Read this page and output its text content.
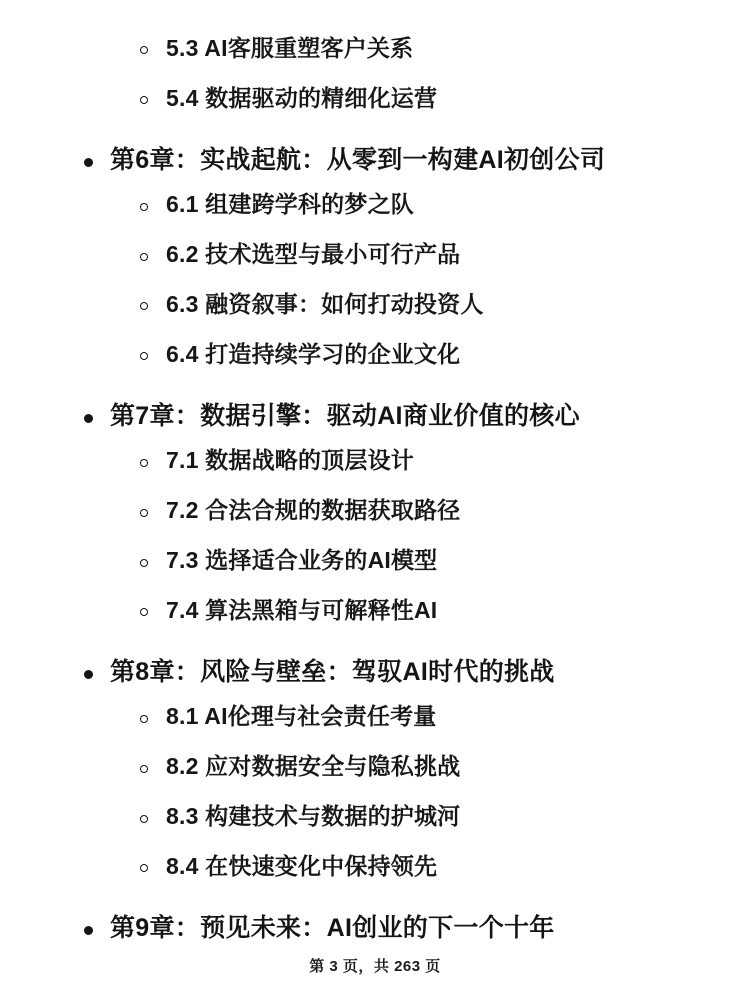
5.3 AI客服重塑客户关系
5.4 数据驱动的精细化运营
第6章：实战起航：从零到一构建AI初创公司
6.1 组建跨学科的梦之队
6.2 技术选型与最小可行产品
6.3 融资叙事：如何打动投资人
6.4 打造持续学习的企业文化
第7章：数据引擎：驱动AI商业价值的核心
7.1 数据战略的顶层设计
7.2 合法合规的数据获取路径
7.3 选择适合业务的AI模型
7.4 算法黑箱与可解释性AI
第8章：风险与壁垒：驾驭AI时代的挑战
8.1 AI伦理与社会责任考量
8.2 应对数据安全与隐私挑战
8.3 构建技术与数据的护城河
8.4 在快速变化中保持领先
第9章：预见未来：AI创业的下一个十年
第 3 页，共 263 页
